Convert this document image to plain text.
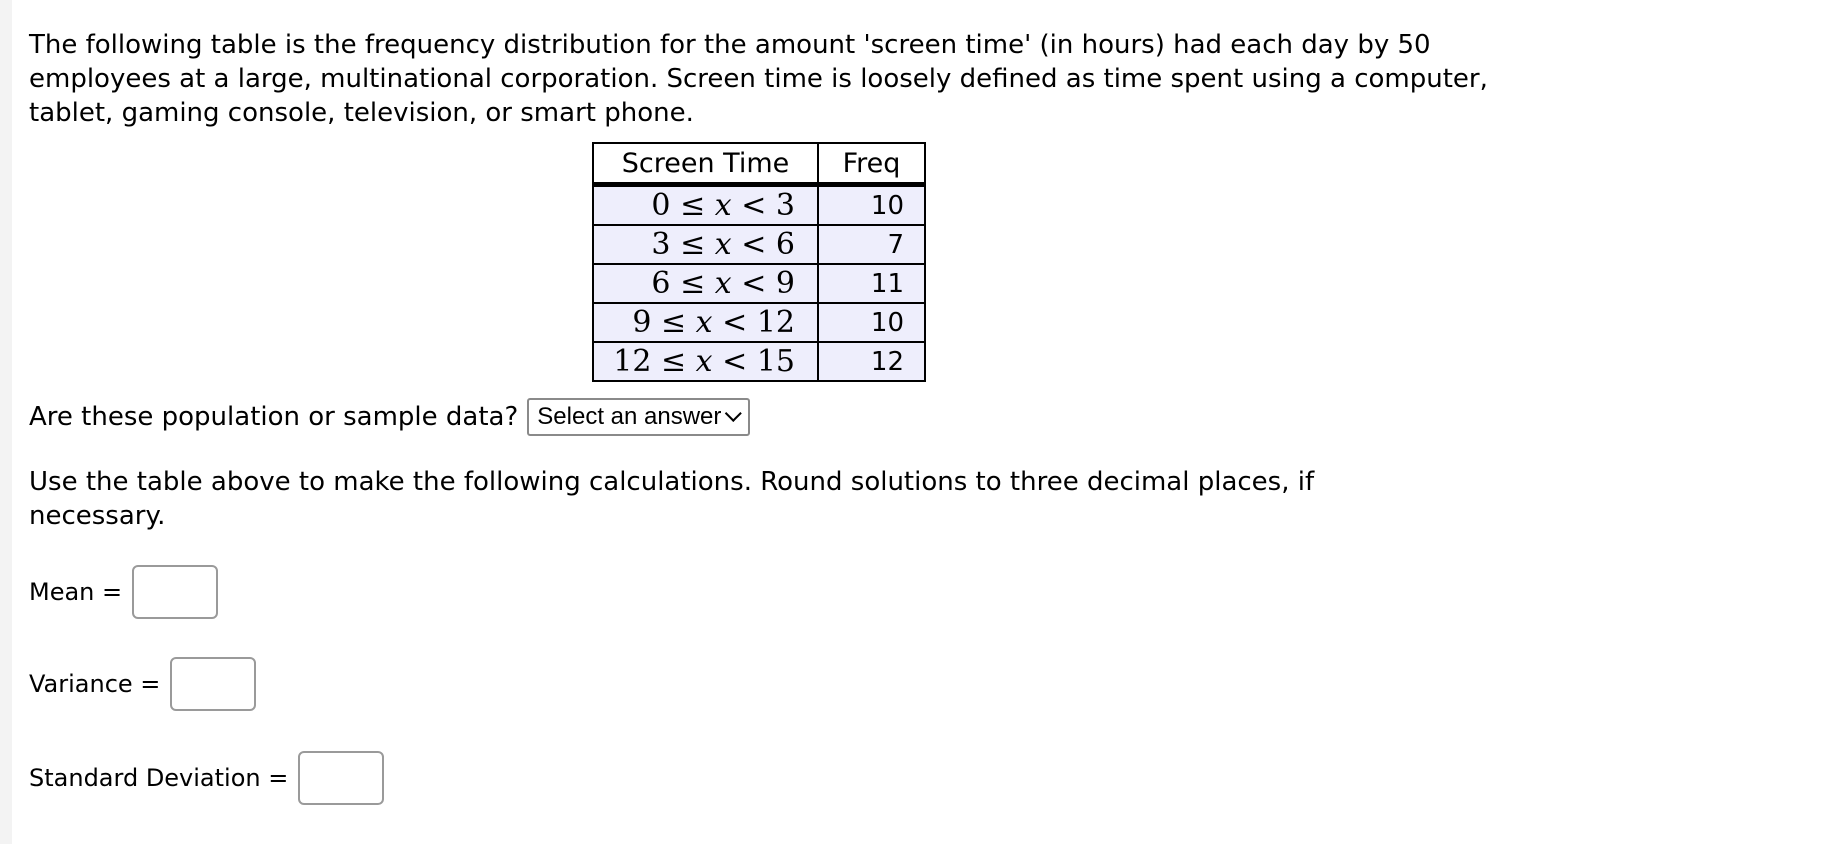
The following table is the frequency distribution for the amount 'screen time' (in hours) had each day by 50 employees at a large, multinational corporation. Screen time is loosely defined as time spent using a computer, tablet, gaming console, television, or smart phone.

Screen Time	Freq
0 ≤ x < 3	10
3 ≤ x < 6	7
6 ≤ x < 9	11
9 ≤ x < 12	10
12 ≤ x < 15	12
Are these population or sample data? Select an answer
Use the table above to make the following calculations. Round solutions to three decimal places, if necessary.
Mean =
Variance =
Standard Deviation =
